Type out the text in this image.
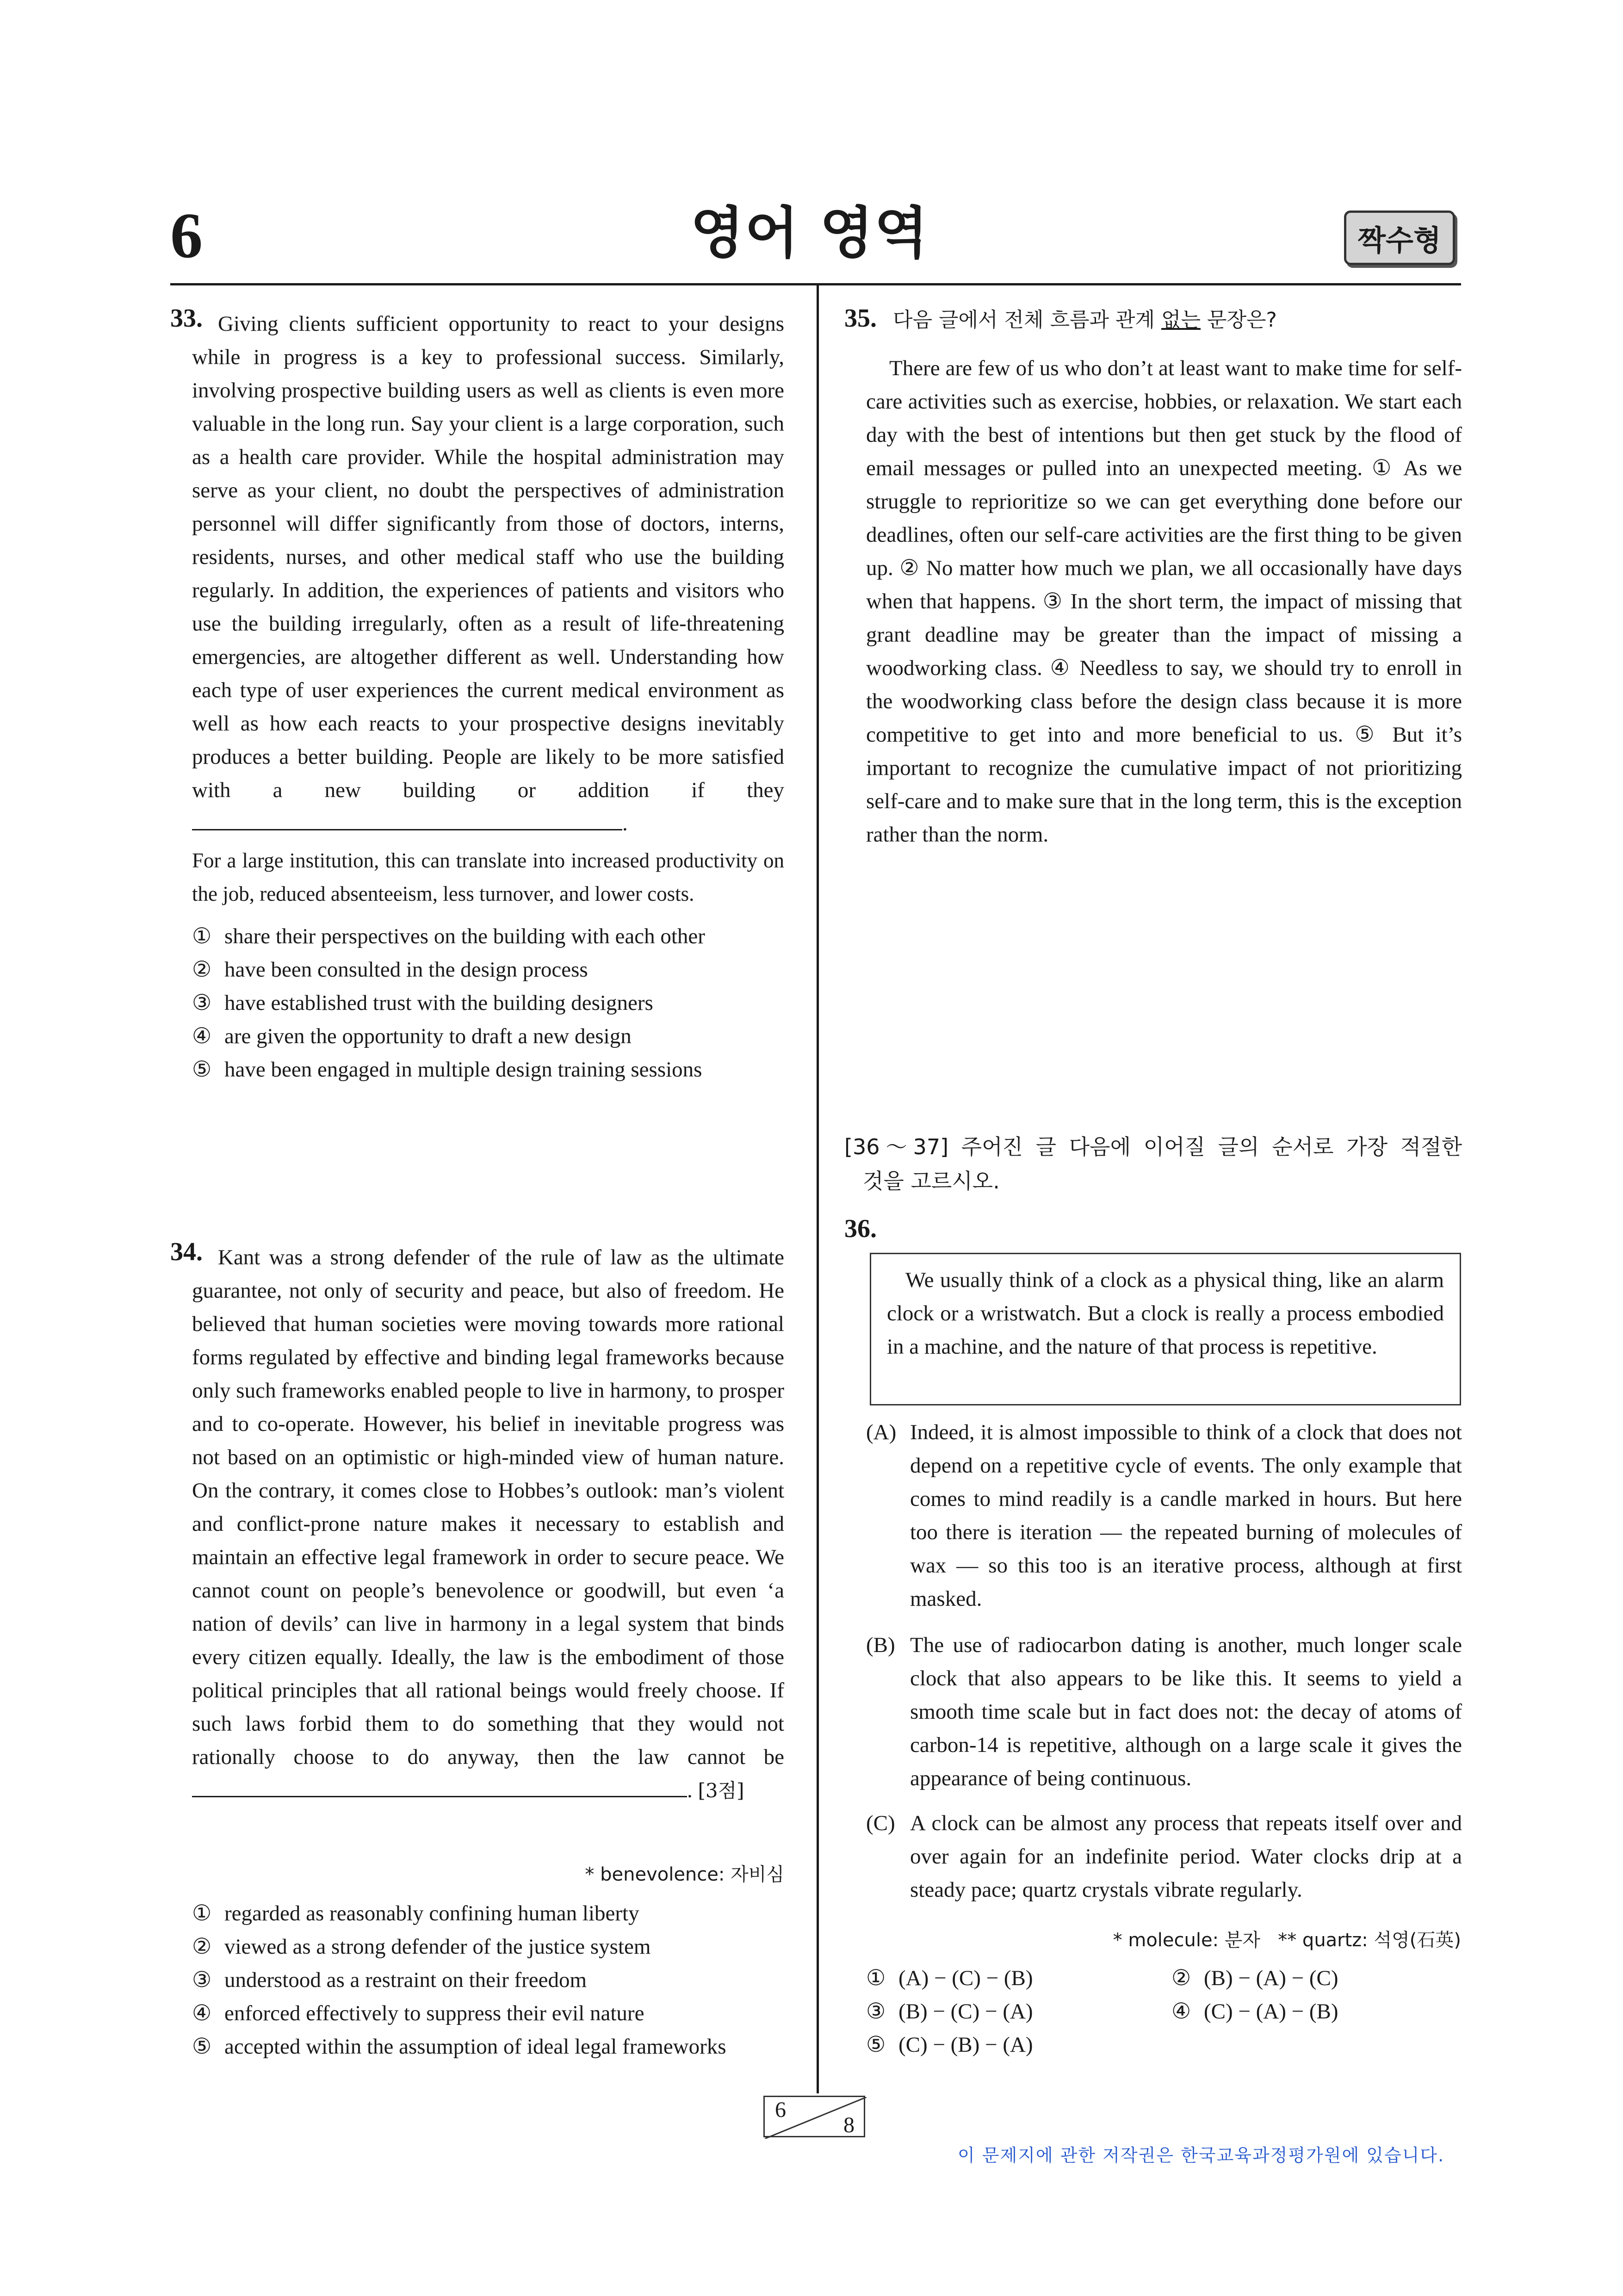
6	영어 영역	짝수형
33. Giving clients sufficient opportunity to react to your designs while in progress is a key to professional success. Similarly, involving prospective building users as well as clients is even more valuable in the long run. Say your client is a large corporation, such as a health care provider. While the hospital administration may serve as your client, no doubt the perspectives of administration personnel will differ significantly from those of doctors, interns, residents, nurses, and other medical staff who use the building regularly. In addition, the experiences of patients and visitors who use the building irregularly, often as a result of life-threatening emergencies, are altogether different as well. Understanding how each type of user experiences the current medical environment as well as how each reacts to your prospective designs inevitably produces a better building. People are likely to be more satisfied with a new building or addition if they .

For a large institution, this can translate into increased productivity on the job, reduced absenteeism, less turnover, and lower costs.

① share their perspectives on the building with each other
② have been consulted in the design process
③ have established trust with the building designers
④ are given the opportunity to draft a new design
⑤ have been engaged in multiple design training sessions
34. Kant was a strong defender of the rule of law as the ultimate guarantee, not only of security and peace, but also of freedom. He believed that human societies were moving towards more rational forms regulated by effective and binding legal frameworks because only such frameworks enabled people to live in harmony, to prosper and to co-operate. However, his belief in inevitable progress was not based on an optimistic or high-minded view of human nature. On the contrary, it comes close to Hobbes’s outlook: man’s violent and conflict-prone nature makes it necessary to establish and maintain an effective legal framework in order to secure peace. We cannot count on people’s benevolence or goodwill, but even ‘a nation of devils’ can live in harmony in a legal system that binds every citizen equally. Ideally, the law is the embodiment of those political principles that all rational beings would freely choose. If such laws forbid them to do something that they would not rationally choose to do anyway, then the law cannot be . [3점]

* benevolence: 자비심
① regarded as reasonably confining human liberty
② viewed as a strong defender of the justice system
③ understood as a restraint on their freedom
④ enforced effectively to suppress their evil nature
⑤ accepted within the assumption of ideal legal frameworks
35. 다음 글에서 전체 흐름과 관계 없는 문장은?

There are few of us who don’t at least want to make time for self-care activities such as exercise, hobbies, or relaxation. We start each day with the best of intentions but then get stuck by the flood of email messages or pulled into an unexpected meeting. ① As we struggle to reprioritize so we can get everything done before our deadlines, often our self-care activities are the first thing to be given up. ② No matter how much we plan, we all occasionally have days when that happens. ③ In the short term, the impact of missing that grant deadline may be greater than the impact of missing a woodworking class. ④ Needless to say, we should try to enroll in the woodworking class before the design class because it is more competitive to get into and more beneficial to us. ⑤ But it’s important to recognize the cumulative impact of not prioritizing self-care and to make sure that in the long term, this is the exception rather than the norm.

[36～37] 주어진 글 다음에 이어질 글의 순서로 가장 적절한
것을 고르시오.
36.
We usually think of a clock as a physical thing, like an alarm clock or a wristwatch. But a clock is really a process embodied in a machine, and the nature of that process is repetitive.
(A) Indeed, it is almost impossible to think of a clock that does not depend on a repetitive cycle of events. The only example that comes to mind readily is a candle marked in hours. But here too there is iteration — the repeated burning of molecules of wax — so this too is an iterative process, although at first masked.
(B) The use of radiocarbon dating is another, much longer scale clock that also appears to be like this. It seems to yield a smooth time scale but in fact does not: the decay of atoms of carbon-14 is repetitive, although on a large scale it gives the appearance of being continuous.
(C) A clock can be almost any process that repeats itself over and over again for an indefinite period. Water clocks drip at a steady pace; quartz crystals vibrate regularly.
* molecule: 분자   ** quartz: 석영(石英)
① (A) − (C) − (B)	② (B) − (A) − (C)
③ (B) − (C) − (A)	④ (C) − (A) − (B)
⑤ (C) − (B) − (A)
6
8
이 문제지에 관한 저작권은 한국교육과정평가원에 있습니다.
